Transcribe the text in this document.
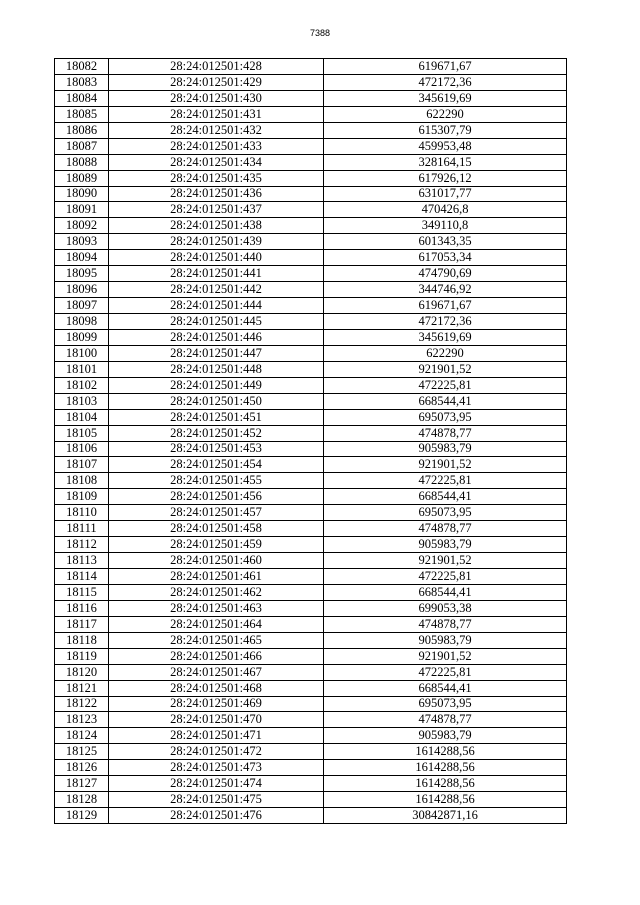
7388
18082	28:24:012501:428	619671,67
18083	28:24:012501:429	472172,36
18084	28:24:012501:430	345619,69
18085	28:24:012501:431	622290
18086	28:24:012501:432	615307,79
18087	28:24:012501:433	459953,48
18088	28:24:012501:434	328164,15
18089	28:24:012501:435	617926,12
18090	28:24:012501:436	631017,77
18091	28:24:012501:437	470426,8
18092	28:24:012501:438	349110,8
18093	28:24:012501:439	601343,35
18094	28:24:012501:440	617053,34
18095	28:24:012501:441	474790,69
18096	28:24:012501:442	344746,92
18097	28:24:012501:444	619671,67
18098	28:24:012501:445	472172,36
18099	28:24:012501:446	345619,69
18100	28:24:012501:447	622290
18101	28:24:012501:448	921901,52
18102	28:24:012501:449	472225,81
18103	28:24:012501:450	668544,41
18104	28:24:012501:451	695073,95
18105	28:24:012501:452	474878,77
18106	28:24:012501:453	905983,79
18107	28:24:012501:454	921901,52
18108	28:24:012501:455	472225,81
18109	28:24:012501:456	668544,41
18110	28:24:012501:457	695073,95
18111	28:24:012501:458	474878,77
18112	28:24:012501:459	905983,79
18113	28:24:012501:460	921901,52
18114	28:24:012501:461	472225,81
18115	28:24:012501:462	668544,41
18116	28:24:012501:463	699053,38
18117	28:24:012501:464	474878,77
18118	28:24:012501:465	905983,79
18119	28:24:012501:466	921901,52
18120	28:24:012501:467	472225,81
18121	28:24:012501:468	668544,41
18122	28:24:012501:469	695073,95
18123	28:24:012501:470	474878,77
18124	28:24:012501:471	905983,79
18125	28:24:012501:472	1614288,56
18126	28:24:012501:473	1614288,56
18127	28:24:012501:474	1614288,56
18128	28:24:012501:475	1614288,56
18129	28:24:012501:476	30842871,16
